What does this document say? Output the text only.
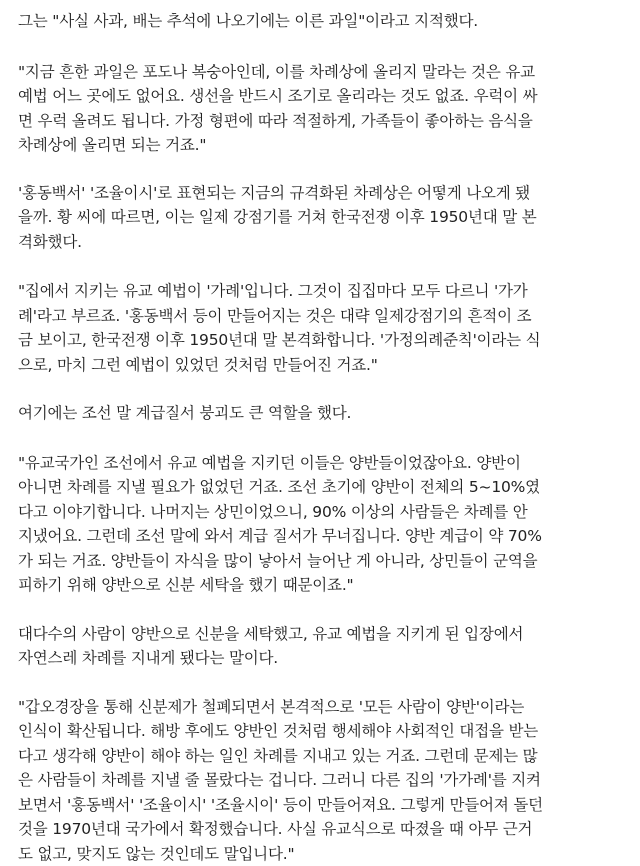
그는 "사실 사과, 배는 추석에 나오기에는 이른 과일"이라고 지적했다.

"지금 흔한 과일은 포도나 복숭아인데, 이를 차례상에 올리지 말라는 것은 유교
예법 어느 곳에도 없어요. 생선을 반드시 조기로 올리라는 것도 없죠. 우럭이 싸
면 우럭 올려도 됩니다. 가정 형편에 따라 적절하게, 가족들이 좋아하는 음식을
차례상에 올리면 되는 거죠."

'홍동백서' '조율이시'로 표현되는 지금의 규격화된 차례상은 어떻게 나오게 됐
을까. 황 씨에 따르면, 이는 일제 강점기를 거쳐 한국전쟁 이후 1950년대 말 본
격화했다.

"집에서 지키는 유교 예법이 '가례'입니다. 그것이 집집마다 모두 다르니 '가가
례'라고 부르죠. '홍동백서 등이 만들어지는 것은 대략 일제강점기의 흔적이 조
금 보이고, 한국전쟁 이후 1950년대 말 본격화합니다. '가정의례준칙'이라는 식
으로, 마치 그런 예법이 있었던 것처럼 만들어진 거죠."

여기에는 조선 말 계급질서 붕괴도 큰 역할을 했다.

"유교국가인 조선에서 유교 예법을 지키던 이들은 양반들이었잖아요. 양반이
아니면 차례를 지낼 필요가 없었던 거죠. 조선 초기에 양반이 전체의 5~10%였
다고 이야기합니다. 나머지는 상민이었으니, 90% 이상의 사람들은 차례를 안
지냈어요. 그런데 조선 말에 와서 계급 질서가 무너집니다. 양반 계급이 약 70%
가 되는 거죠. 양반들이 자식을 많이 낳아서 늘어난 게 아니라, 상민들이 군역을
피하기 위해 양반으로 신분 세탁을 했기 때문이죠."

대다수의 사람이 양반으로 신분을 세탁했고, 유교 예법을 지키게 된 입장에서
자연스레 차례를 지내게 됐다는 말이다.

"갑오경장을 통해 신분제가 철폐되면서 본격적으로 '모든 사람이 양반'이라는
인식이 확산됩니다. 해방 후에도 양반인 것처럼 행세해야 사회적인 대접을 받는
다고 생각해 양반이 해야 하는 일인 차례를 지내고 있는 거죠. 그런데 문제는 많
은 사람들이 차례를 지낼 줄 몰랐다는 겁니다. 그러니 다른 집의 '가가례'를 지켜
보면서 '홍동백서' '조율이시' '조율시이' 등이 만들어져요. 그렇게 만들어져 돌던
것을 1970년대 국가에서 확정했습니다. 사실 유교식으로 따졌을 때 아무 근거
도 없고, 맞지도 않는 것인데도 말입니다."
